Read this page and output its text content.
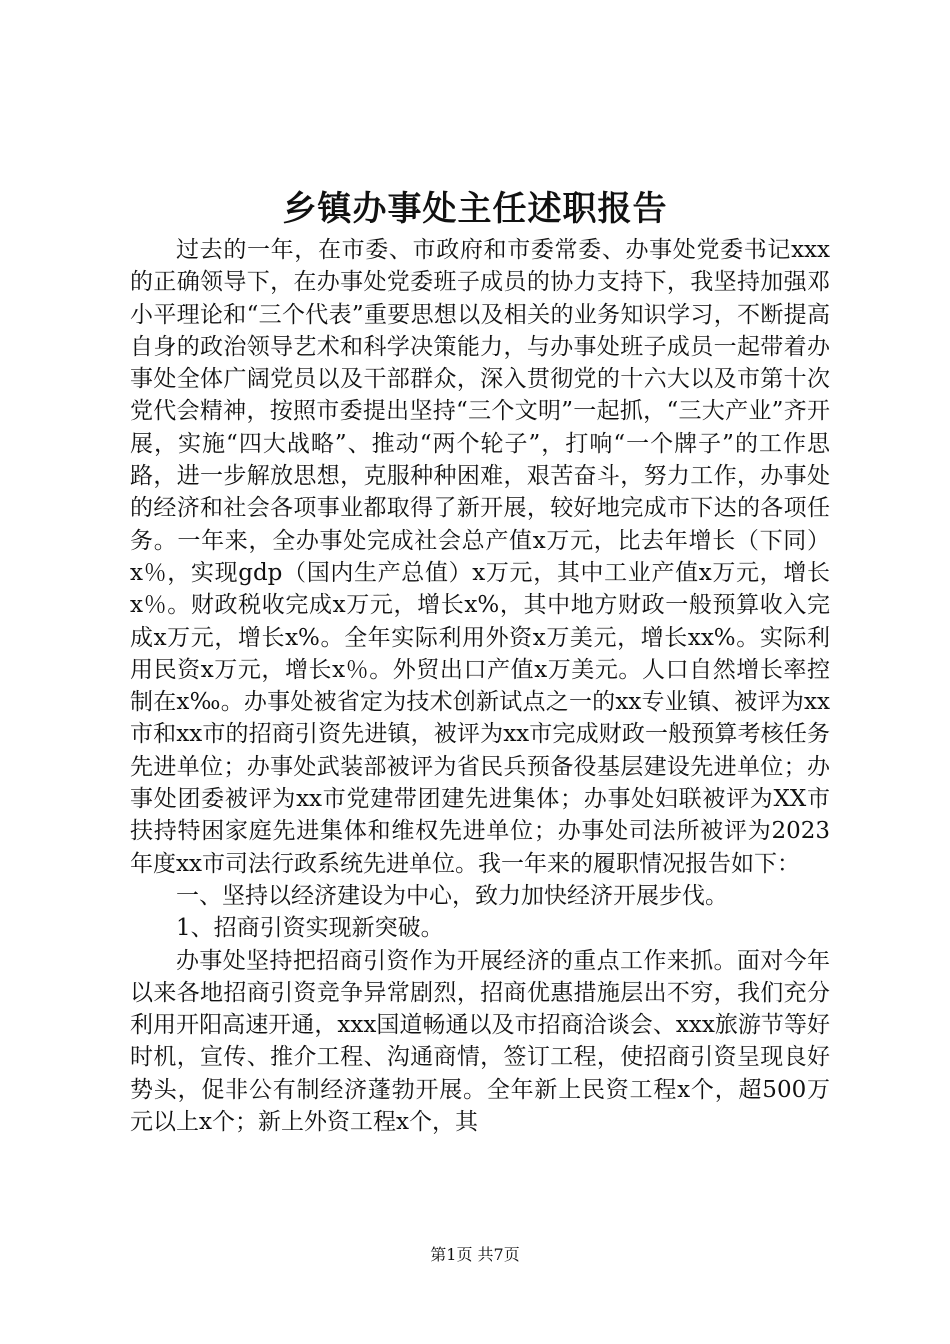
乡镇办事处主任述职报告

过去的一年，在市委、市政府和市委常委、办事处党委书记xxx的正确领导下，在办事处党委班子成员的协力支持下，我坚持加强邓小平理论和“三个代表”重要思想以及相关的业务知识学习，不断提高自身的政治领导艺术和科学决策能力，与办事处班子成员一起带着办事处全体广阔党员以及干部群众，深入贯彻党的十六大以及市第十次党代会精神，按照市委提出坚持“三个文明”一起抓，“三大产业”齐开展，实施“四大战略”、推动“两个轮子”，打响“一个牌子”的工作思路，进一步解放思想，克服种种困难，艰苦奋斗，努力工作，办事处的经济和社会各项事业都取得了新开展，较好地完成市下达的各项任务。一年来，全办事处完成社会总产值x万元，比去年增长（下同）x％，实现gdp（国内生产总值）x万元，其中工业产值x万元，增长x％。财政税收完成x万元，增长x%，其中地方财政一般预算收入完成x万元，增长x%。全年实际利用外资x万美元，增长xx%。实际利用民资x万元，增长x％。外贸出口产值x万美元。人口自然增长率控制在x‰。办事处被省定为技术创新试点之一的xx专业镇、被评为xx市和xx市的招商引资先进镇，被评为xx市完成财政一般预算考核任务先进单位；办事处武装部被评为省民兵预备役基层建设先进单位；办事处团委被评为xx市党建带团建先进集体；办事处妇联被评为XX市扶持特困家庭先进集体和维权先进单位；办事处司法所被评为2023年度xx市司法行政系统先进单位。我一年来的履职情况报告如下：

一、坚持以经济建设为中心，致力加快经济开展步伐。

1、招商引资实现新突破。

办事处坚持把招商引资作为开展经济的重点工作来抓。面对今年以来各地招商引资竞争异常剧烈，招商优惠措施层出不穷，我们充分利用开阳高速开通，xxx国道畅通以及市招商洽谈会、xxx旅游节等好时机，宣传、推介工程、沟通商情，签订工程，使招商引资呈现良好势头，促非公有制经济蓬勃开展。全年新上民资工程x个，超500万元以上x个；新上外资工程x个，其

第1页 共7页
